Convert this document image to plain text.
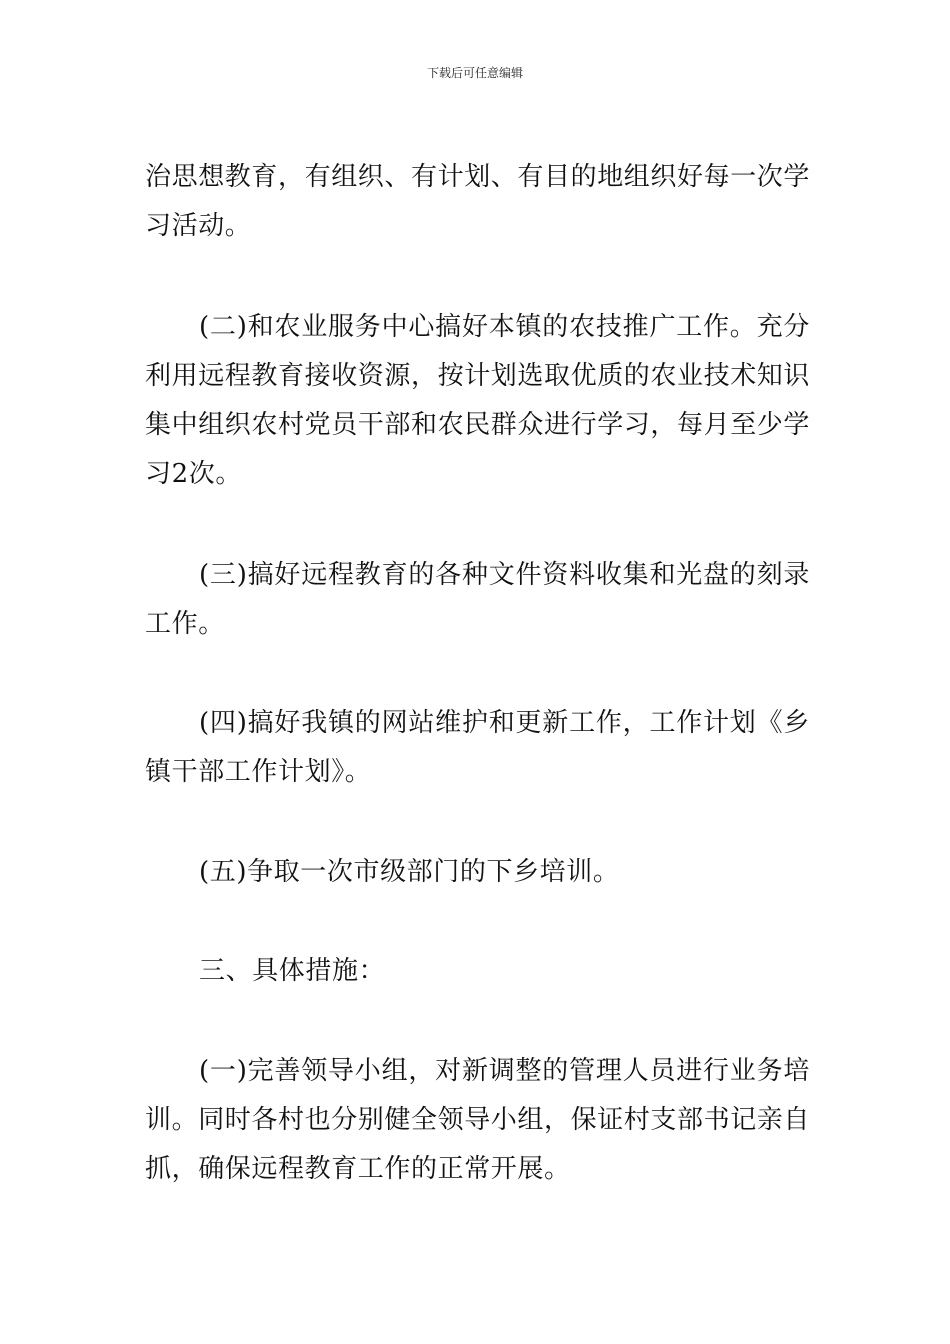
下载后可任意编辑

治思想教育，有组织、有计划、有目的地组织好每一次学习活动。

(二)和农业服务中心搞好本镇的农技推广工作。充分利用远程教育接收资源，按计划选取优质的农业技术知识集中组织农村党员干部和农民群众进行学习，每月至少学习2次。

(三)搞好远程教育的各种文件资料收集和光盘的刻录工作。

(四)搞好我镇的网站维护和更新工作，工作计划《乡镇干部工作计划》。

(五)争取一次市级部门的下乡培训。

三、具体措施：

(一)完善领导小组，对新调整的管理人员进行业务培训。同时各村也分别健全领导小组，保证村支部书记亲自抓，确保远程教育工作的正常开展。
